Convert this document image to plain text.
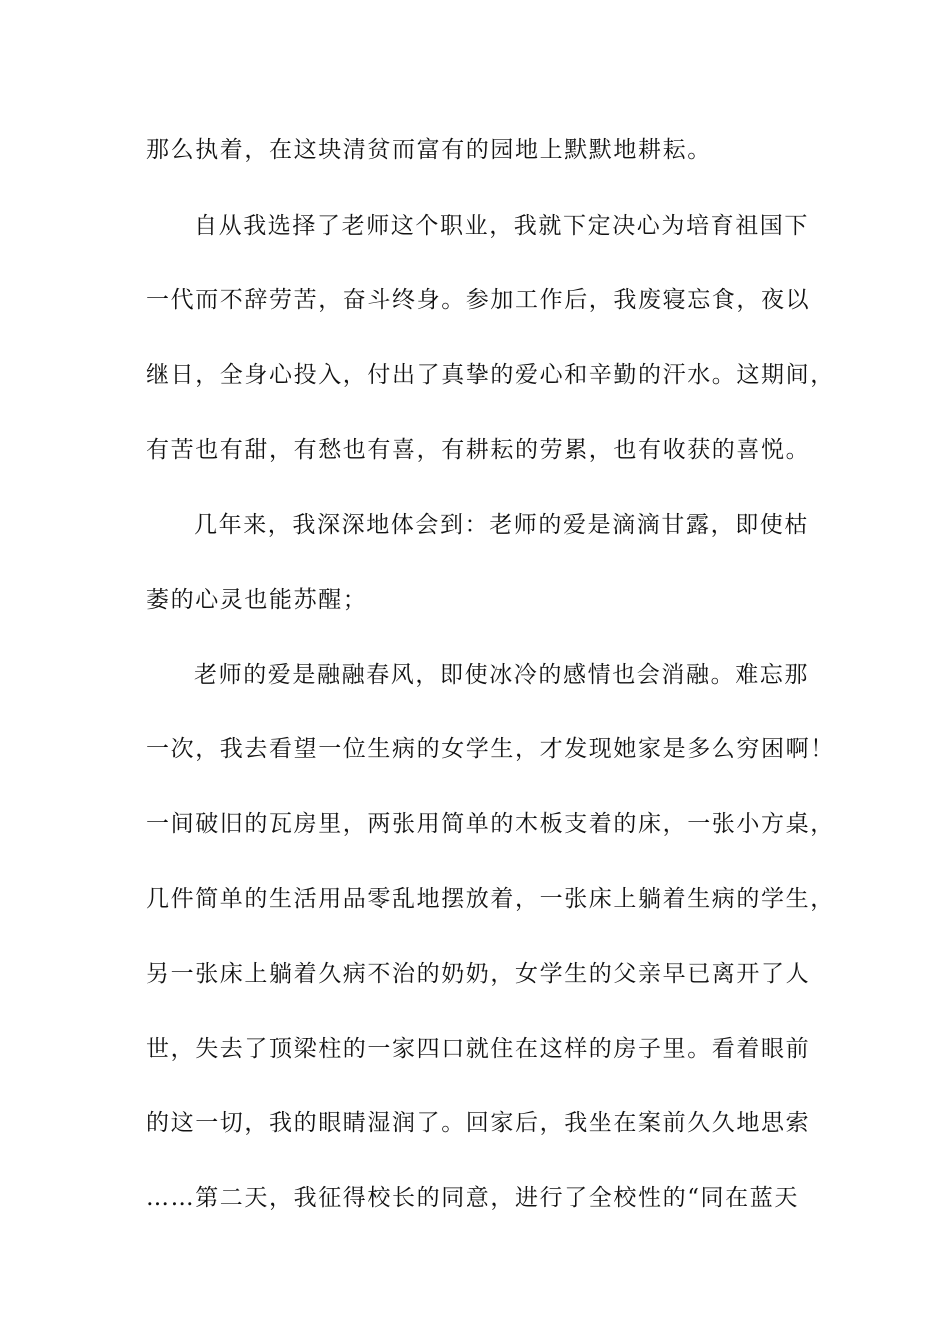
那么执着，在这块清贫而富有的园地上默默地耕耘。
自从我选择了老师这个职业，我就下定决心为培育祖国下
一代而不辞劳苦，奋斗终身。参加工作后，我废寝忘食，夜以
继日，全身心投入，付出了真挚的爱心和辛勤的汗水。这期间，
有苦也有甜，有愁也有喜，有耕耘的劳累，也有收获的喜悦。
几年来，我深深地体会到：老师的爱是滴滴甘露，即使枯
萎的心灵也能苏醒；
老师的爱是融融春风，即使冰冷的感情也会消融。难忘那
一次，我去看望一位生病的女学生，才发现她家是多么穷困啊！
一间破旧的瓦房里，两张用简单的木板支着的床，一张小方桌，
几件简单的生活用品零乱地摆放着，一张床上躺着生病的学生，
另一张床上躺着久病不治的奶奶，女学生的父亲早已离开了人
世，失去了顶梁柱的一家四口就住在这样的房子里。看着眼前
的这一切，我的眼睛湿润了。回家后，我坐在案前久久地思索
……第二天，我征得校长的同意，进行了全校性的“同在蓝天
